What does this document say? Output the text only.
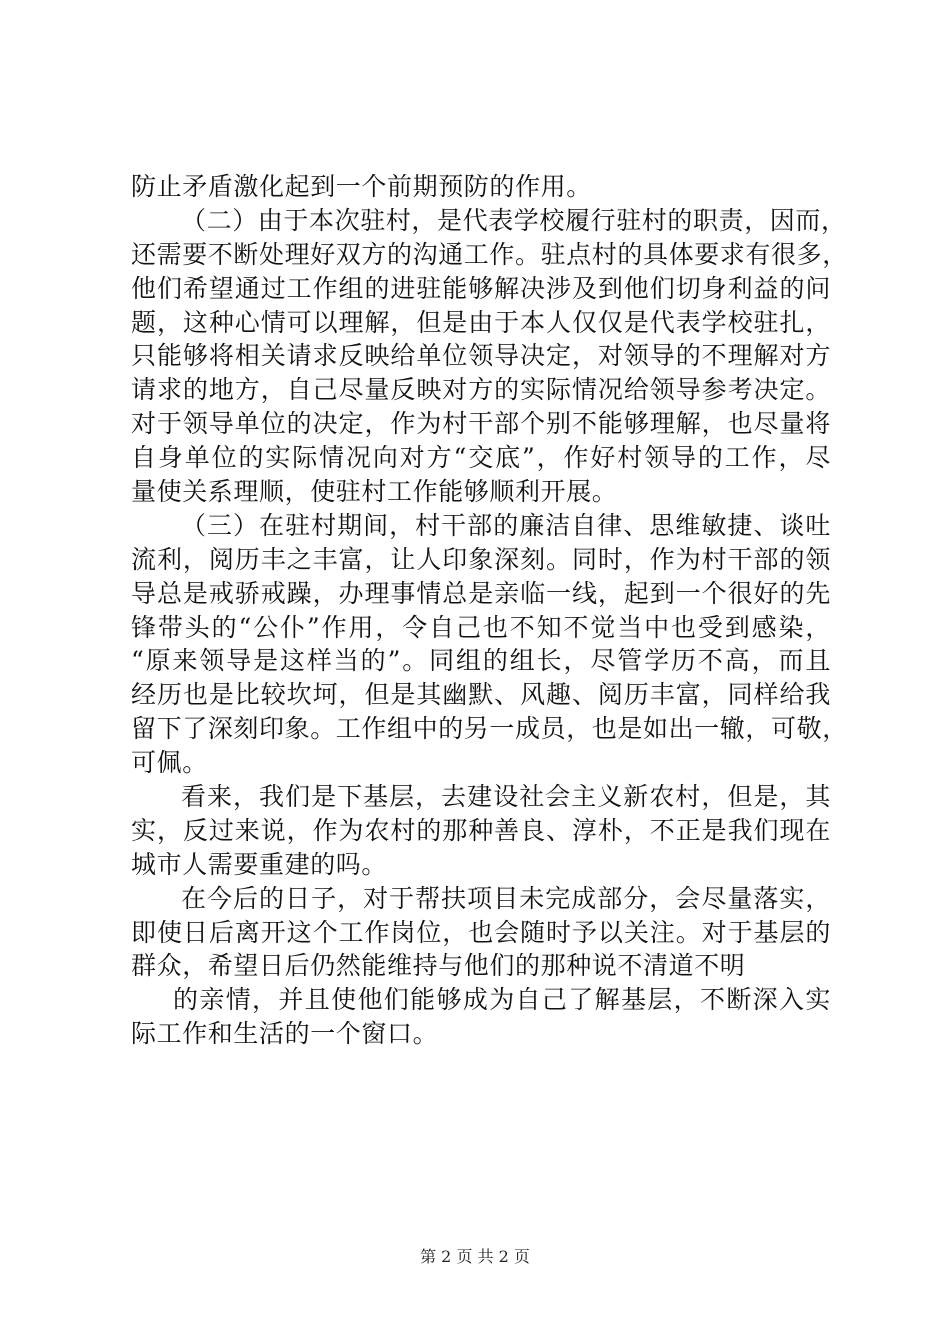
防止矛盾激化起到一个前期预防的作用。
（二）由于本次驻村，是代表学校履行驻村的职责，因而，
还需要不断处理好双方的沟通工作。驻点村的具体要求有很多，
他们希望通过工作组的进驻能够解决涉及到他们切身利益的问
题，这种心情可以理解，但是由于本人仅仅是代表学校驻扎，
只能够将相关请求反映给单位领导决定，对领导的不理解对方
请求的地方，自己尽量反映对方的实际情况给领导参考决定。
对于领导单位的决定，作为村干部个别不能够理解，也尽量将
自身单位的实际情况向对方“交底”，作好村领导的工作，尽
量使关系理顺，使驻村工作能够顺利开展。
（三）在驻村期间，村干部的廉洁自律、思维敏捷、谈吐
流利，阅历丰之丰富，让人印象深刻。同时，作为村干部的领
导总是戒骄戒躁，办理事情总是亲临一线，起到一个很好的先
锋带头的“公仆”作用，令自己也不知不觉当中也受到感染，
“原来领导是这样当的”。同组的组长，尽管学历不高，而且
经历也是比较坎坷，但是其幽默、风趣、阅历丰富，同样给我
留下了深刻印象。工作组中的另一成员，也是如出一辙，可敬，
可佩。
看来，我们是下基层，去建设社会主义新农村，但是，其
实，反过来说，作为农村的那种善良、淳朴，不正是我们现在
城市人需要重建的吗。
在今后的日子，对于帮扶项目未完成部分，会尽量落实，
即使日后离开这个工作岗位，也会随时予以关注。对于基层的
群众，希望日后仍然能维持与他们的那种说不清道不明
的亲情，并且使他们能够成为自己了解基层，不断深入实
际工作和生活的一个窗口。
第 2 页 共 2 页
